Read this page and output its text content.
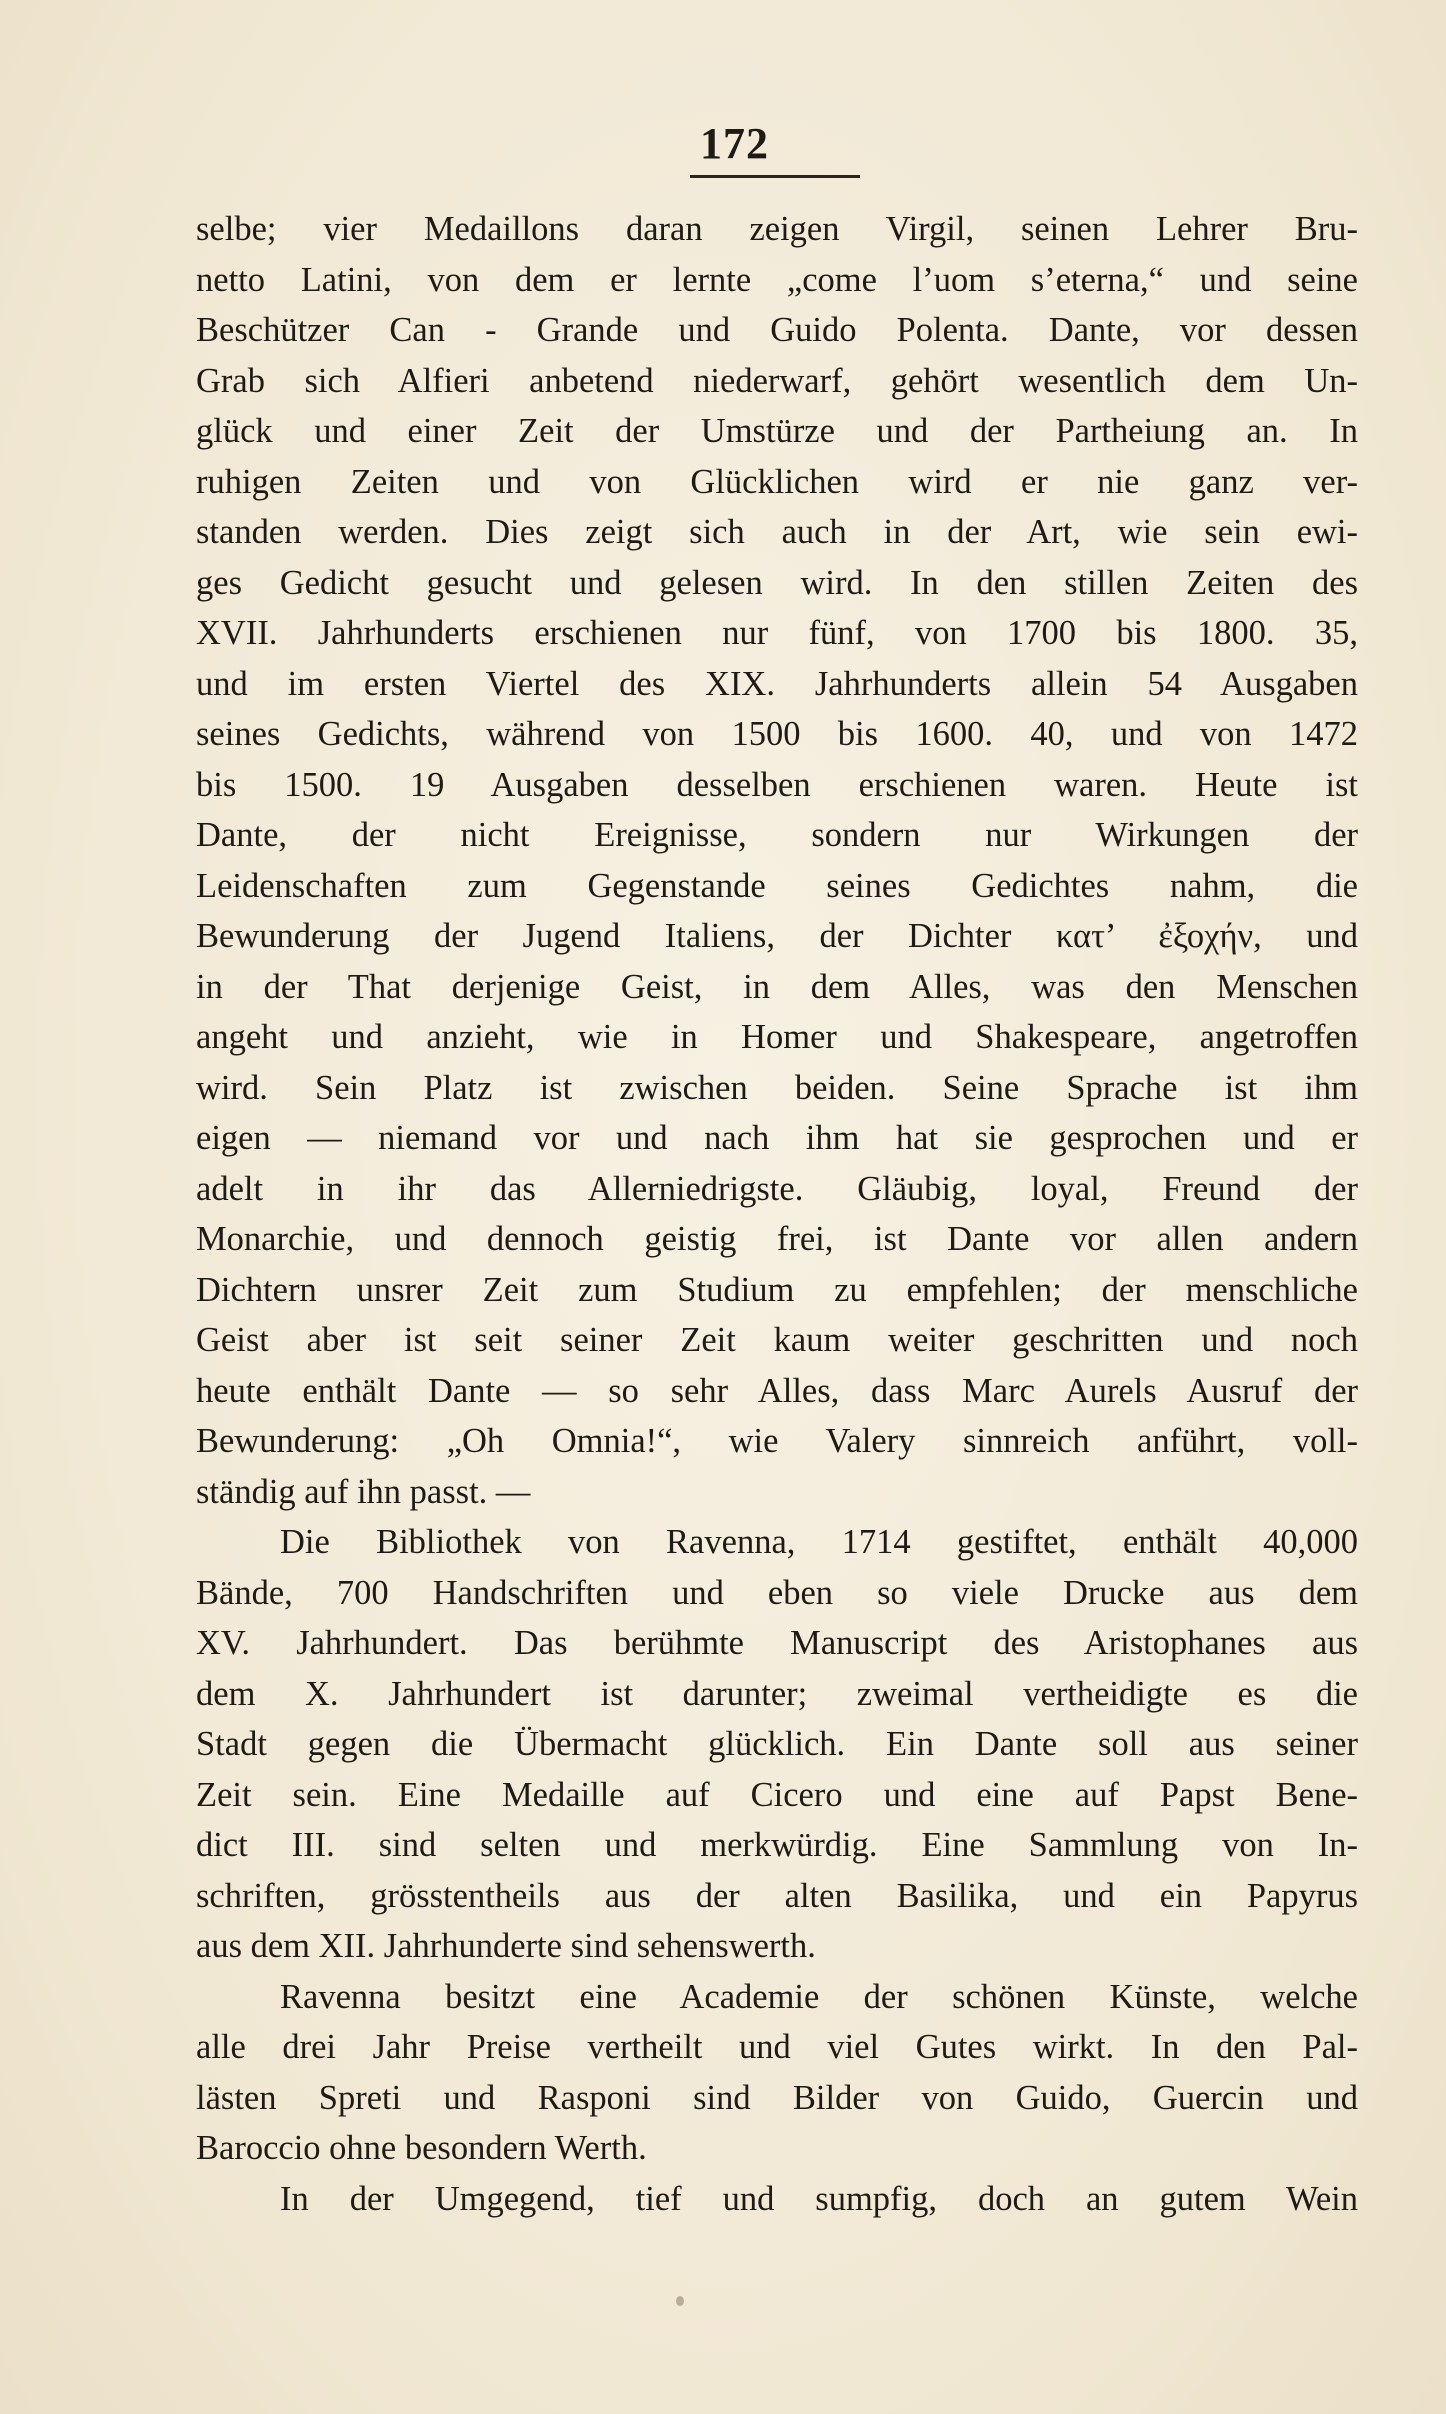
172
selbe; vier Medaillons daran zeigen Virgil, seinen Lehrer Bru-
netto Latini, von dem er lernte „come l’uom s’eterna,“ und seine
Beschützer Can - Grande und Guido Polenta. Dante, vor dessen
Grab sich Alfieri anbetend niederwarf, gehört wesentlich dem Un-
glück und einer Zeit der Umstürze und der Partheiung an. In
ruhigen Zeiten und von Glücklichen wird er nie ganz ver-
standen werden. Dies zeigt sich auch in der Art, wie sein ewi-
ges Gedicht gesucht und gelesen wird. In den stillen Zeiten des
XVII. Jahrhunderts erschienen nur fünf, von 1700 bis 1800. 35,
und im ersten Viertel des XIX. Jahrhunderts allein 54 Ausgaben
seines Gedichts, während von 1500 bis 1600. 40, und von 1472
bis 1500. 19 Ausgaben desselben erschienen waren. Heute ist
Dante, der nicht Ereignisse, sondern nur Wirkungen der
Leidenschaften zum Gegenstande seines Gedichtes nahm, die
Bewunderung der Jugend Italiens, der Dichter κατ’ ἐξοχήν, und
in der That derjenige Geist, in dem Alles, was den Menschen
angeht und anzieht, wie in Homer und Shakespeare, angetroffen
wird. Sein Platz ist zwischen beiden. Seine Sprache ist ihm
eigen — niemand vor und nach ihm hat sie gesprochen und er
adelt in ihr das Allerniedrigste. Gläubig, loyal, Freund der
Monarchie, und dennoch geistig frei, ist Dante vor allen andern
Dichtern unsrer Zeit zum Studium zu empfehlen; der menschliche
Geist aber ist seit seiner Zeit kaum weiter geschritten und noch
heute enthält Dante — so sehr Alles, dass Marc Aurels Ausruf der
Bewunderung: „Oh Omnia!“, wie Valery sinnreich anführt, voll-
ständig auf ihn passt. —
Die Bibliothek von Ravenna, 1714 gestiftet, enthält 40,000
Bände, 700 Handschriften und eben so viele Drucke aus dem
XV. Jahrhundert. Das berühmte Manuscript des Aristophanes aus
dem X. Jahrhundert ist darunter; zweimal vertheidigte es die
Stadt gegen die Übermacht glücklich. Ein Dante soll aus seiner
Zeit sein. Eine Medaille auf Cicero und eine auf Papst Bene-
dict III. sind selten und merkwürdig. Eine Sammlung von In-
schriften, grösstentheils aus der alten Basilika, und ein Papyrus
aus dem XII. Jahrhunderte sind sehenswerth.
Ravenna besitzt eine Academie der schönen Künste, welche
alle drei Jahr Preise vertheilt und viel Gutes wirkt. In den Pal-
lästen Spreti und Rasponi sind Bilder von Guido, Guercin und
Baroccio ohne besondern Werth.
In der Umgegend, tief und sumpfig, doch an gutem Wein
